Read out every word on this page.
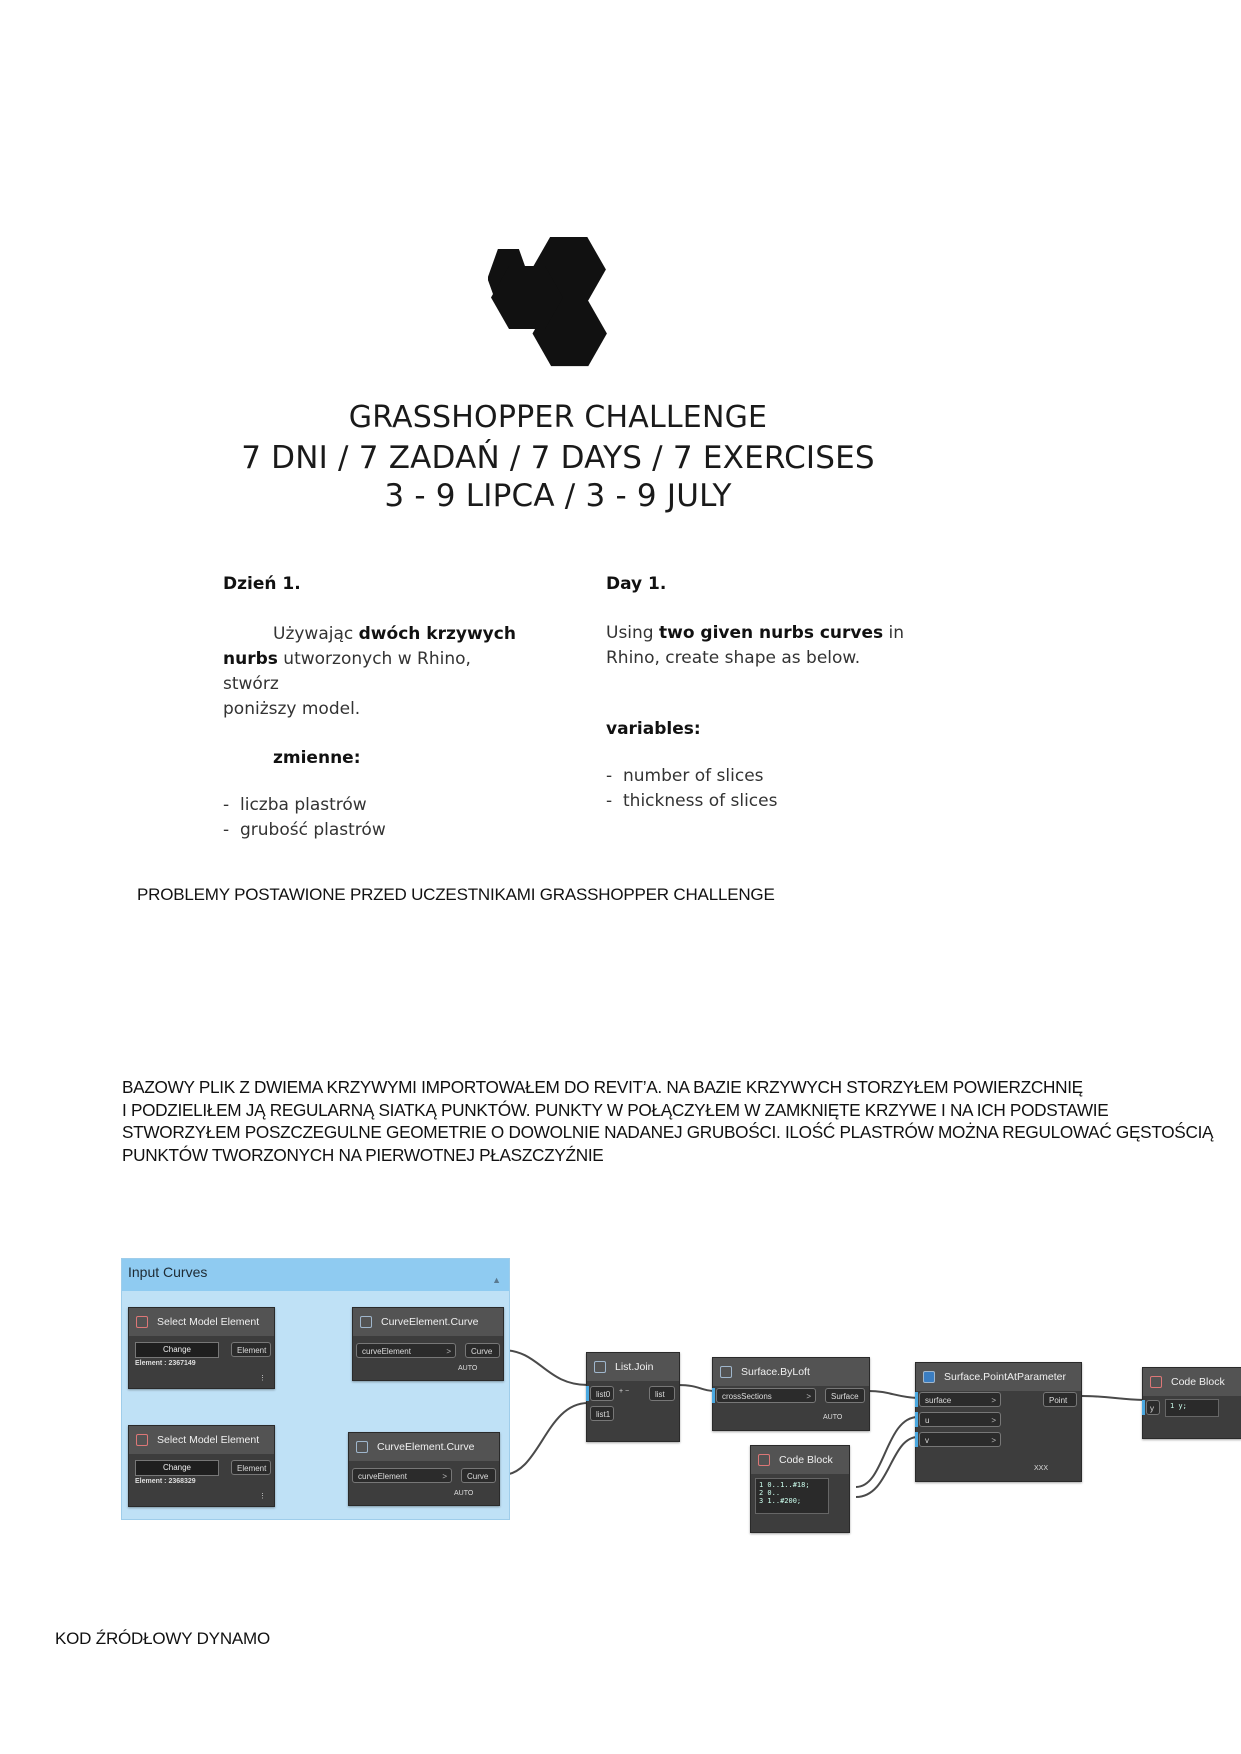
GRASSHOPPER CHALLENGE
7 DNI / 7 ZADAŃ / 7 DAYS / 7 EXERCISES
3 - 9 LIPCA / 3 - 9 JULY
Dzień 1.
Używając dwóch krzywych
nurbs utworzonych w Rhino, stwórz
poniższy model.
zmienne:
- liczba plastrów
- grubość plastrów
Day 1.
Using two given nurbs curves in
Rhino, create shape as below.
variables:
- number of slices
- thickness of slices
PROBLEMY POSTAWIONE PRZED UCZESTNIKAMI GRASSHOPPER CHALLENGE
BAZOWY PLIK Z DWIEMA KRZYWYMI IMPORTOWAŁEM DO REVIT’A. NA BAZIE KRZYWYCH STORZYŁEM POWIERZCHNIĘ
I PODZIELIŁEM JĄ REGULARNĄ SIATKĄ PUNKTÓW. PUNKTY W POŁĄCZYŁEM W ZAMKNIĘTE KRZYWE I NA ICH PODSTAWIE
STWORZYŁEM POSZCZEGULNE GEOMETRIE O DOWOLNIE NADANEJ GRUBOŚCI. ILOŚĆ PLASTRÓW MOŻNA REGULOWAĆ GĘSTOŚCIĄ
PUNKTÓW TWORZONYCH NA PIERWOTNEJ PŁASZCZYŹNIE
Input Curves	▲
Select Model Element
Change	Element
Element : 2367149
⋮
Select Model Element
Change	Element
Element : 2368329
⋮
CurveElement.Curve
curveElement	>	Curve
AUTO
CurveElement.Curve
curveElement	>	Curve
AUTO
List.Join
list0	+ −
list1
list
Surface.ByLoft
crossSections	>	Surface
AUTO
Surface.PointAtParameter
surface	>
u	>
v	>
Point
XXX
Code Block
1 0..1..#18;
2 0..
3 1..#200;
Code Block
y	1 y;
KOD ŹRÓDŁOWY DYNAMO
